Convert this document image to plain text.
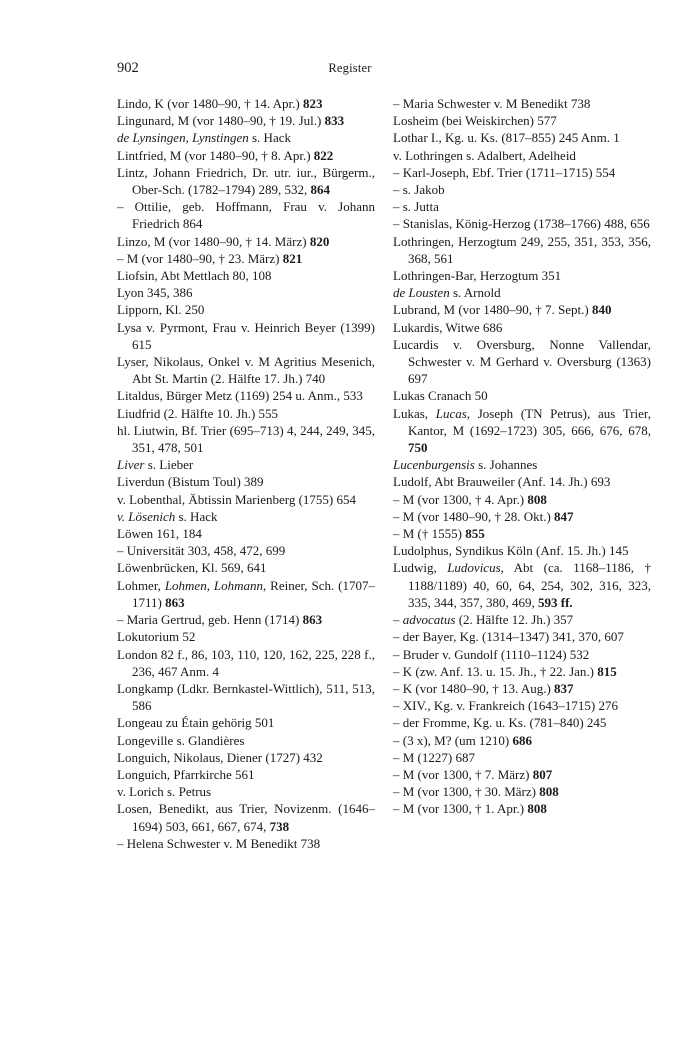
902	Register

Lindo, K (vor 1480–90, † 14. Apr.) 823

Lingunard, M (vor 1480–90, † 19. Jul.) 833

de Lynsingen, Lynstingen s. Hack

Lintfried, M (vor 1480–90, † 8. Apr.) 822

Lintz, Johann Friedrich, Dr. utr. iur., Bürgerm., Ober-Sch. (1782–1794) 289, 532, 864

– Ottilie, geb. Hoffmann, Frau v. Johann Friedrich 864

Linzo, M (vor 1480–90, † 14. März) 820

– M (vor 1480–90, † 23. März) 821

Liofsin, Abt Mettlach 80, 108

Lyon 345, 386

Lipporn, Kl. 250

Lysa v. Pyrmont, Frau v. Heinrich Beyer (1399) 615

Lyser, Nikolaus, Onkel v. M Agritius Mesenich, Abt St. Martin (2. Hälfte 17. Jh.) 740

Litaldus, Bürger Metz (1169) 254 u. Anm., 533

Liudfrid (2. Hälfte 10. Jh.) 555

hl. Liutwin, Bf. Trier (695–713) 4, 244, 249, 345, 351, 478, 501

Liver s. Lieber

Liverdun (Bistum Toul) 389

v. Lobenthal, Äbtissin Marienberg (1755) 654

v. Lösenich s. Hack

Löwen 161, 184

– Universität 303, 458, 472, 699

Löwenbrücken, Kl. 569, 641

Lohmer, Lohmen, Lohmann, Reiner, Sch. (1707–1711) 863

– Maria Gertrud, geb. Henn (1714) 863

Lokutorium 52

London 82 f., 86, 103, 110, 120, 162, 225, 228 f., 236, 467 Anm. 4

Longkamp (Ldkr. Bernkastel-Wittlich), 511, 513, 586

Longeau zu Étain gehörig 501

Longeville s. Glandières

Longuich, Nikolaus, Diener (1727) 432

Longuich, Pfarrkirche 561

v. Lorich s. Petrus

Losen, Benedikt, aus Trier, Novizenm. (1646–1694) 503, 661, 667, 674, 738

– Helena Schwester v. M Benedikt 738

– Maria Schwester v. M Benedikt 738

Losheim (bei Weiskirchen) 577

Lothar I., Kg. u. Ks. (817–855) 245 Anm. 1

v. Lothringen s. Adalbert, Adelheid

– Karl-Joseph, Ebf. Trier (1711–1715) 554

– s. Jakob

– s. Jutta

– Stanislas, König-Herzog (1738–1766) 488, 656

Lothringen, Herzogtum 249, 255, 351, 353, 356, 368, 561

Lothringen-Bar, Herzogtum 351

de Lousten s. Arnold

Lubrand, M (vor 1480–90, † 7. Sept.) 840

Lukardis, Witwe 686

Lucardis v. Oversburg, Nonne Vallendar, Schwester v. M Gerhard v. Oversburg (1363) 697

Lukas Cranach 50

Lukas, Lucas, Joseph (TN Petrus), aus Trier, Kantor, M (1692–1723) 305, 666, 676, 678, 750

Lucenburgensis s. Johannes

Ludolf, Abt Brauweiler (Anf. 14. Jh.) 693

– M (vor 1300, † 4. Apr.) 808

– M (vor 1480–90, † 28. Okt.) 847

– M († 1555) 855

Ludolphus, Syndikus Köln (Anf. 15. Jh.) 145

Ludwig, Ludovicus, Abt (ca. 1168–1186, † 1188/1189) 40, 60, 64, 254, 302, 316, 323, 335, 344, 357, 380, 469, 593 ff.

– advocatus (2. Hälfte 12. Jh.) 357

– der Bayer, Kg. (1314–1347) 341, 370, 607

– Bruder v. Gundolf (1110–1124) 532

– K (zw. Anf. 13. u. 15. Jh., † 22. Jan.) 815

– K (vor 1480–90, † 13. Aug.) 837

– XIV., Kg. v. Frankreich (1643–1715) 276

– der Fromme, Kg. u. Ks. (781–840) 245

– (3 x), M? (um 1210) 686

– M (1227) 687

– M (vor 1300, † 7. März) 807

– M (vor 1300, † 30. März) 808

– M (vor 1300, † 1. Apr.) 808
